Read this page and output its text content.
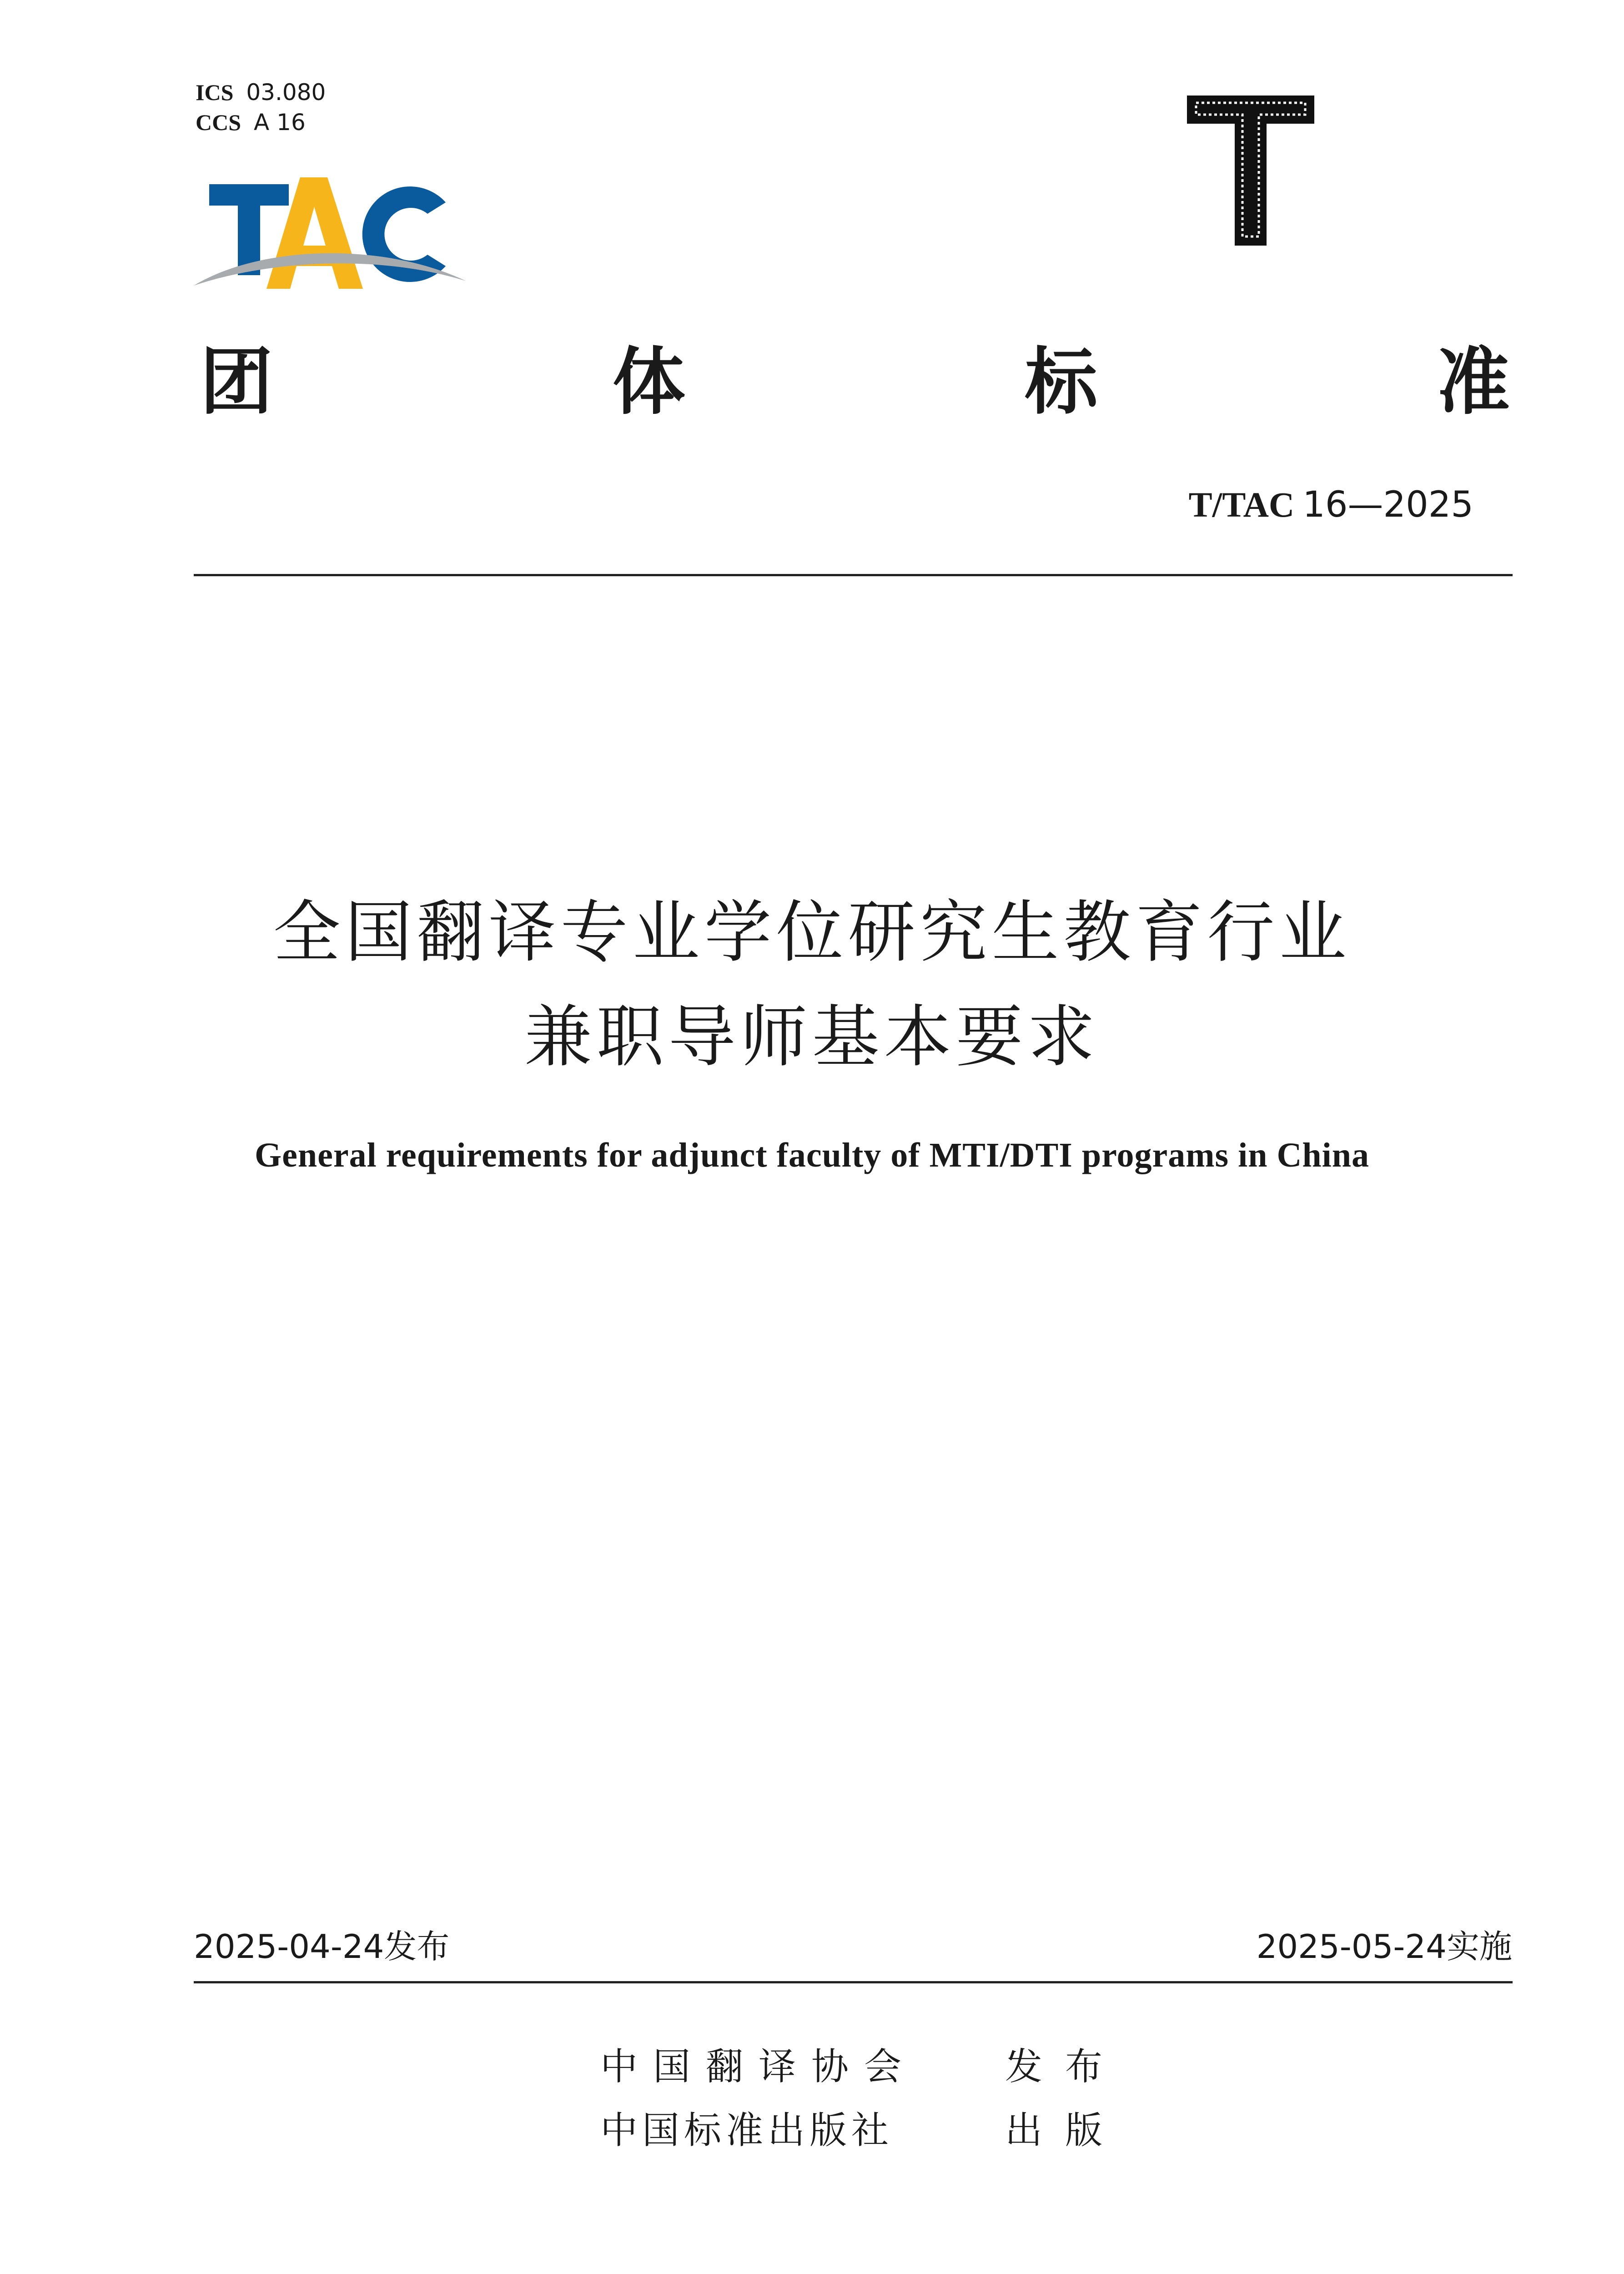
ICS 03.080
CCS A 16
团	体	标	准
T/TAC 16—2025
全国翻译专业学位研究生教育行业
兼职导师基本要求
General requirements for adjunct faculty of MTI/DTI programs in China
2025-04-24发布	2025-05-24实施
中国翻译协会 发布
中国标准出版社	出版
